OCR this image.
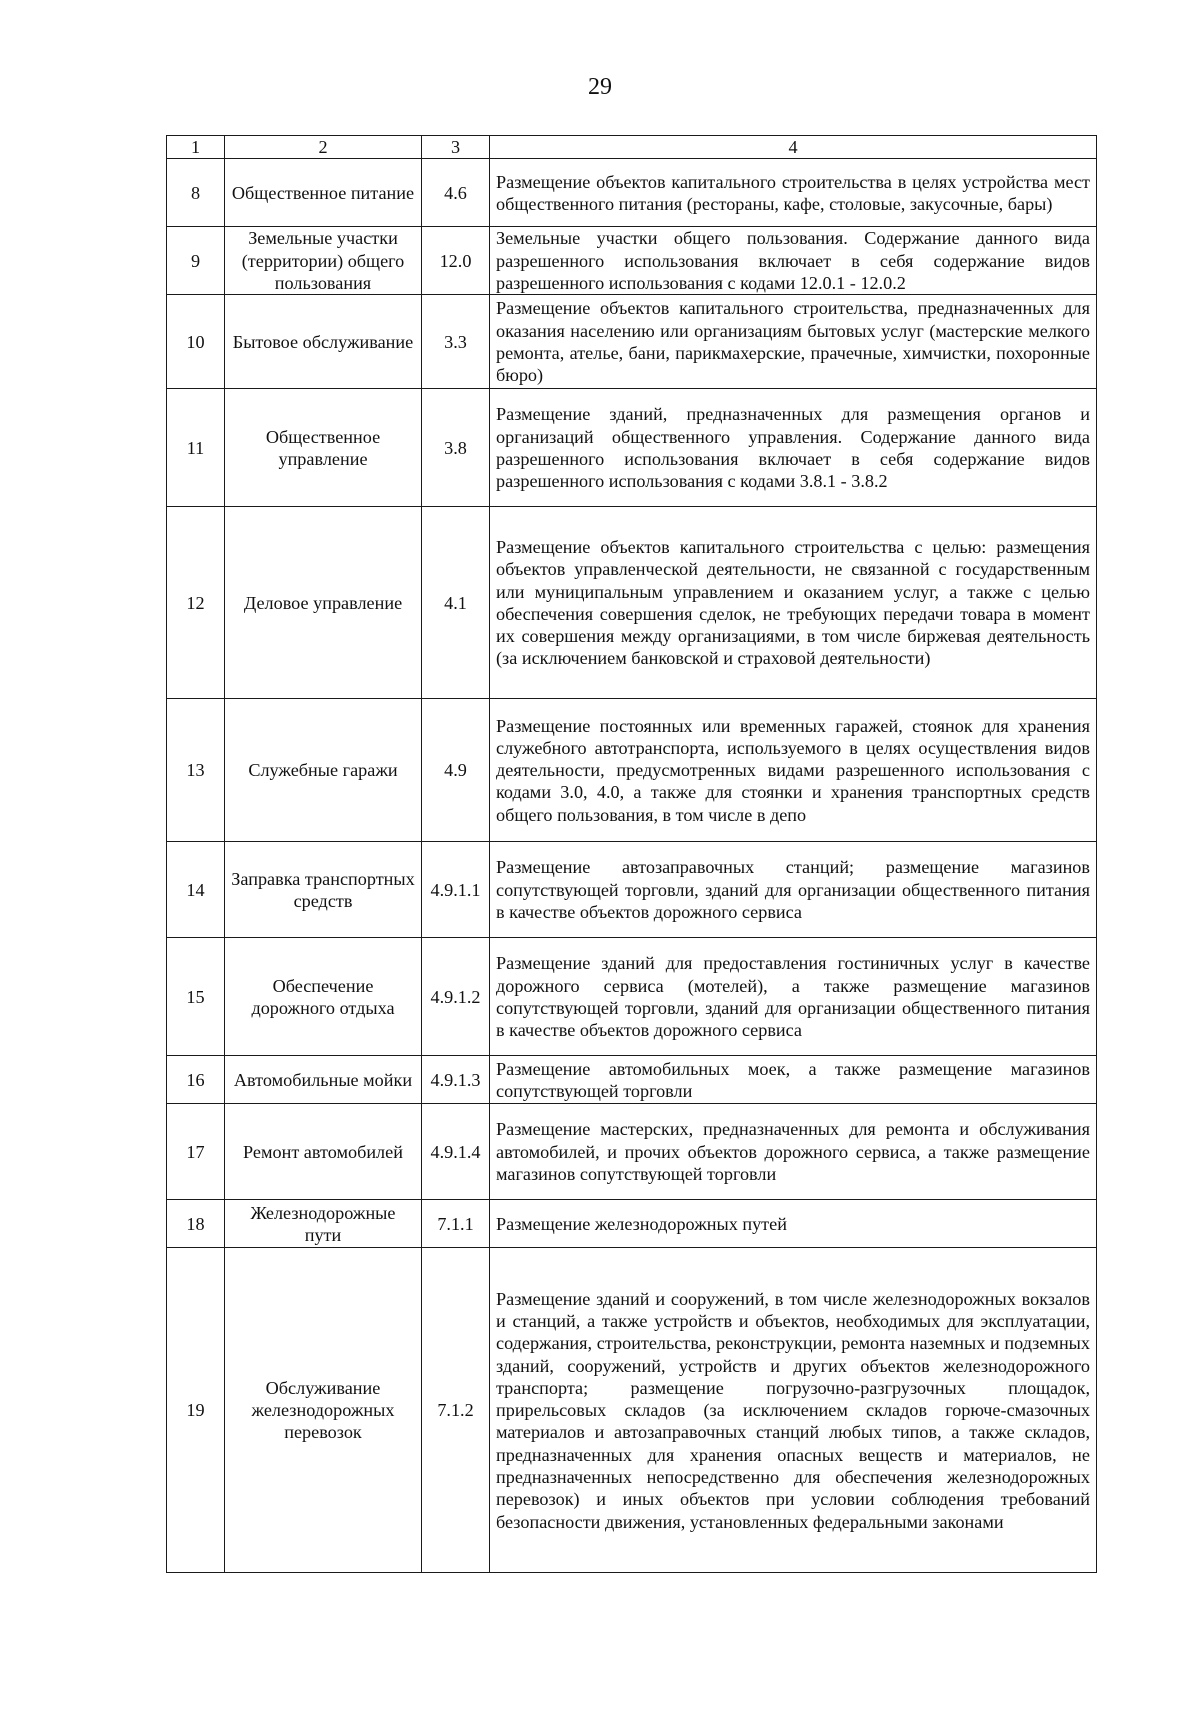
29
1	2	3	4
8	Общественное питание	4.6	Размещение объектов капитального строительства в целях устройства мест общественного питания (рестораны, кафе, столовые, закусочные, бары)
9	Земельные участки (территории) общего пользования	12.0	Земельные участки общего пользования. Содержание данного вида разрешенного использования включает в себя содержание видов разрешенного использования с кодами 12.0.1 - 12.0.2
10	Бытовое обслуживание	3.3	Размещение объектов капитального строительства, предназначенных для оказания населению или организациям бытовых услуг (мастерские мелкого ремонта, ателье, бани, парикмахерские, прачечные, химчистки, похоронные бюро)
11	Общественное управление	3.8	Размещение зданий, предназначенных для размещения органов и организаций общественного управления. Содержание данного вида разрешенного использования включает в себя содержание видов разрешенного использования с кодами 3.8.1 - 3.8.2
12	Деловое управление	4.1	Размещение объектов капитального строительства с целью: размещения объектов управленческой деятельности, не связанной с государственным или муниципальным управлением и оказанием услуг, а также с целью обеспечения совершения сделок, не требующих передачи товара в момент их совершения между организациями, в том числе биржевая деятельность (за исключением банковской и страховой деятельности)
13	Служебные гаражи	4.9	Размещение постоянных или временных гаражей, стоянок для хранения служебного автотранспорта, используемого в целях осуществления видов деятельности, предусмотренных видами разрешенного использования с кодами 3.0, 4.0, а также для стоянки и хранения транспортных средств общего пользования, в том числе в депо
14	Заправка транспортных средств	4.9.1.1	Размещение автозаправочных станций; размещение магазинов сопутствующей торговли, зданий для организации общественного питания в качестве объектов дорожного сервиса
15	Обеспечение дорожного отдыха	4.9.1.2	Размещение зданий для предоставления гостиничных услуг в качестве дорожного сервиса (мотелей), а также размещение магазинов сопутствующей торговли, зданий для организации общественного питания в качестве объектов дорожного сервиса
16	Автомобильные мойки	4.9.1.3	Размещение автомобильных моек, а также размещение магазинов сопутствующей торговли
17	Ремонт автомобилей	4.9.1.4	Размещение мастерских, предназначенных для ремонта и обслуживания автомобилей, и прочих объектов дорожного сервиса, а также размещение магазинов сопутствующей торговли
18	Железнодорожные пути	7.1.1	Размещение железнодорожных путей
19	Обслуживание железнодорожных перевозок	7.1.2	Размещение зданий и сооружений, в том числе железнодорожных вокзалов и станций, а также устройств и объектов, необходимых для эксплуатации, содержания, строительства, реконструкции, ремонта наземных и подземных зданий, сооружений, устройств и других объектов железнодорожного транспорта; размещение погрузочно-разгрузочных площадок, прирельсовых складов (за исключением складов горюче-смазочных материалов и автозаправочных станций любых типов, а также складов, предназначенных для хранения опасных веществ и материалов, не предназначенных непосредственно для обеспечения железнодорожных перевозок) и иных объектов при условии соблюдения требований безопасности движения, установленных федеральными законами
